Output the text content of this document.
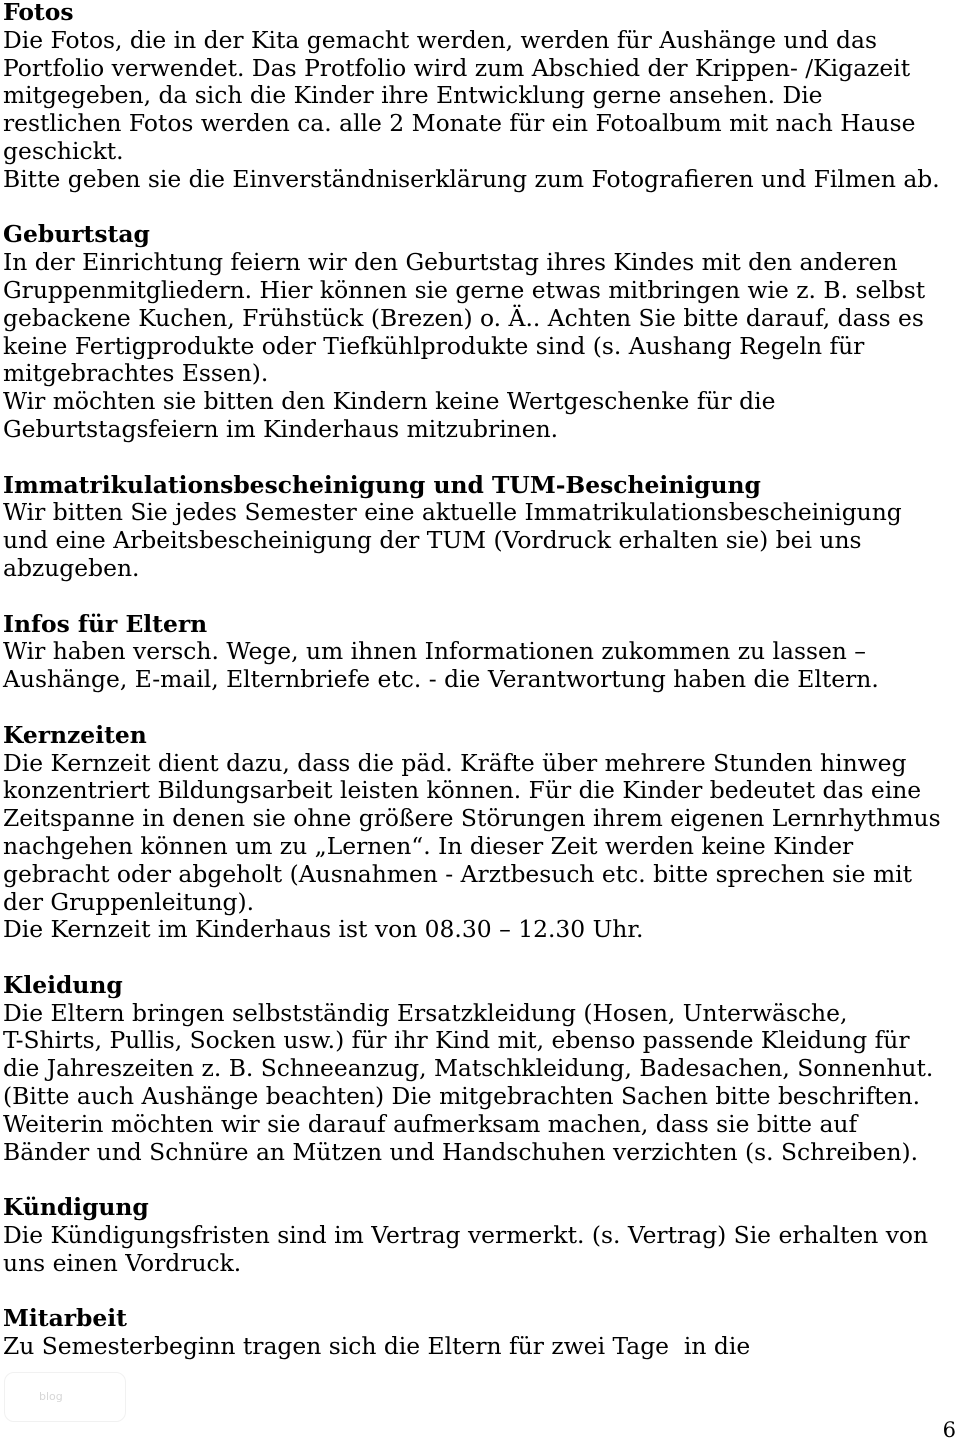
Fotos

Die Fotos, die in der Kita gemacht werden, werden für Aushänge und das

Portfolio verwendet. Das Protfolio wird zum Abschied der Krippen- /Kigazeit

mitgegeben, da sich die Kinder ihre Entwicklung gerne ansehen. Die

restlichen Fotos werden ca. alle 2 Monate für ein Fotoalbum mit nach Hause

geschickt.

Bitte geben sie die Einverständniserklärung zum Fotografieren und Filmen ab.

Geburtstag

In der Einrichtung feiern wir den Geburtstag ihres Kindes mit den anderen

Gruppenmitgliedern. Hier können sie gerne etwas mitbringen wie z. B. selbst

gebackene Kuchen, Frühstück (Brezen) o. Ä.. Achten Sie bitte darauf, dass es

keine Fertigprodukte oder Tiefkühlprodukte sind (s. Aushang Regeln für

mitgebrachtes Essen).

Wir möchten sie bitten den Kindern keine Wertgeschenke für die

Geburtstagsfeiern im Kinderhaus mitzubrinen.

Immatrikulationsbescheinigung und TUM-Bescheinigung

Wir bitten Sie jedes Semester eine aktuelle Immatrikulationsbescheinigung

und eine Arbeitsbescheinigung der TUM (Vordruck erhalten sie) bei uns

abzugeben.

Infos für Eltern

Wir haben versch. Wege, um ihnen Informationen zukommen zu lassen –

Aushänge, E-mail, Elternbriefe etc. - die Verantwortung haben die Eltern.

Kernzeiten

Die Kernzeit dient dazu, dass die päd. Kräfte über mehrere Stunden hinweg

konzentriert Bildungsarbeit leisten können. Für die Kinder bedeutet das eine

Zeitspanne in denen sie ohne größere Störungen ihrem eigenen Lernrhythmus

nachgehen können um zu „Lernen“. In dieser Zeit werden keine Kinder

gebracht oder abgeholt (Ausnahmen - Arztbesuch etc. bitte sprechen sie mit

der Gruppenleitung).

Die Kernzeit im Kinderhaus ist von 08.30 – 12.30 Uhr.

Kleidung

Die Eltern bringen selbstständig Ersatzkleidung (Hosen, Unterwäsche,

T-Shirts, Pullis, Socken usw.) für ihr Kind mit, ebenso passende Kleidung für

die Jahreszeiten z. B. Schneeanzug, Matschkleidung, Badesachen, Sonnenhut.

(Bitte auch Aushänge beachten) Die mitgebrachten Sachen bitte beschriften.

Weiterin möchten wir sie darauf aufmerksam machen, dass sie bitte auf

Bänder und Schnüre an Mützen und Handschuhen verzichten (s. Schreiben).

Kündigung

Die Kündigungsfristen sind im Vertrag vermerkt. (s. Vertrag) Sie erhalten von

uns einen Vordruck.

Mitarbeit

Zu Semesterbeginn tragen sich die Eltern für zwei Tage  in die

blog
6
